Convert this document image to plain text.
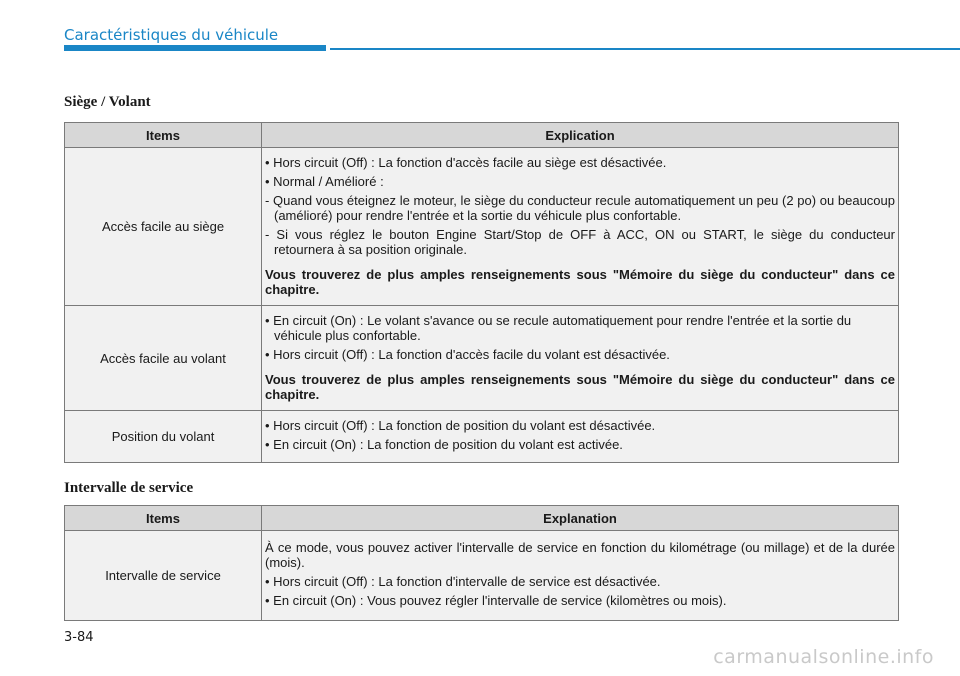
Caractéristiques du véhicule
Siège / Volant
Items	Explication
Accès facile au siège	• Hors circuit (Off) : La fonction d'accès facile au siège est désactivée.
• Normal / Amélioré :
- Quand vous éteignez le moteur, le siège du conducteur recule automatiquement un peu (2 po) ou beaucoup (amélioré) pour rendre l'entrée et la sortie du véhicule plus confortable.
- Si vous réglez le bouton Engine Start/Stop de OFF à ACC, ON ou START, le siège du conducteur retournera à sa position originale.
Vous trouverez de plus amples renseignements sous "Mémoire du siège du conducteur" dans ce chapitre.

Accès facile au volant	• En circuit (On) : Le volant s'avance ou se recule automatiquement pour rendre l'entrée et la sortie du véhicule plus confortable.
• Hors circuit (Off) : La fonction d'accès facile du volant est désactivée.
Vous trouverez de plus amples renseignements sous "Mémoire du siège du conducteur" dans ce chapitre.

Position du volant	• Hors circuit (Off) : La fonction de position du volant est désactivée.
• En circuit (On) : La fonction de position du volant est activée.
Intervalle de service
Items	Explanation
Intervalle de service	À ce mode, vous pouvez activer l'intervalle de service en fonction du kilométrage (ou millage) et de la durée (mois).
• Hors circuit (Off) : La fonction d'intervalle de service est désactivée.
• En circuit (On) : Vous pouvez régler l'intervalle de service (kilomètres ou mois).
3-84
carmanualsonline.info
